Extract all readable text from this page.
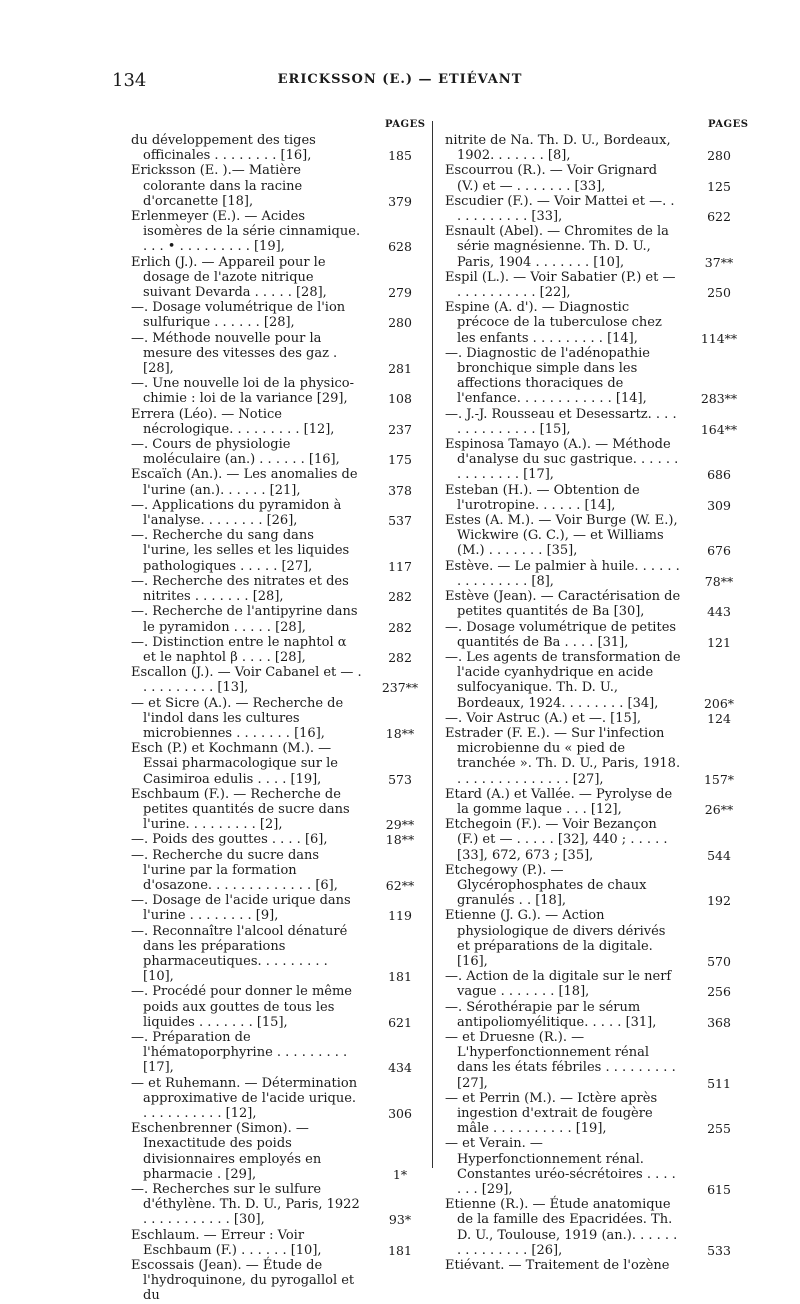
134	ERICKSSON (E.) — ETIÉVANT
PAGES	PAGES
du développement des tiges officinales . . . . . . . . [16],	185
Ericksson (E. ).— Matière colorante dans la racine d'orcanette [18],	379
Erlenmeyer (E.). — Acides isomères de la série cinnamique. . . . • . . . . . . . . . [19],	628
Erlich (J.). — Appareil pour le dosage de l'azote nitrique suivant Devarda . . . . . [28],	279
—. Dosage volumétrique de l'ion sulfurique . . . . . . [28],	280
—. Méthode nouvelle pour la mesure des vitesses des gaz . [28],	281
—. Une nouvelle loi de la physico-chimie : loi de la variance [29],	108
Errera (Léo). — Notice nécrologique. . . . . . . . . [12],	237
—. Cours de physiologie moléculaire (an.) . . . . . . [16],	175
Escaïch (An.). — Les anomalies de l'urine (an.). . . . . . [21],	378
—. Applications du pyramidon à l'analyse. . . . . . . . [26],	537
—. Recherche du sang dans l'urine, les selles et les liquides pathologiques . . . . . [27],	117
—. Recherche des nitrates et des nitrites . . . . . . . [28],	282
—. Recherche de l'antipyrine dans le pyramidon . . . . . [28],	282
—. Distinction entre le naphtol α et le naphtol β . . . . [28],	282
Escallon (J.). — Voir Cabanel et — . . . . . . . . . . [13],	237**
— et Sicre (A.). — Recherche de l'indol dans les cultures microbiennes . . . . . . . [16],	18**
Esch (P.) et Kochmann (M.). — Essai pharmacologique sur le Casimiroa edulis . . . . [19],	573
Eschbaum (F.). — Recherche de petites quantités de sucre dans l'urine. . . . . . . . . [2],	29**
—. Poids des gouttes . . . . [6],	18**
—. Recherche du sucre dans l'urine par la formation d'osazone. . . . . . . . . . . . . [6],	62**
—. Dosage de l'acide urique dans l'urine . . . . . . . . [9],	119
—. Reconnaître l'alcool dénaturé dans les préparations pharmaceutiques. . . . . . . . . [10],	181
—. Procédé pour donner le même poids aux gouttes de tous les liquides . . . . . . . [15],	621
—. Préparation de l'hématoporphyrine . . . . . . . . . [17],	434
— et Ruhemann. — Détermination approximative de l'acide urique. . . . . . . . . . . [12],	306
Eschenbrenner (Simon). — Inexactitude des poids divisionnaires employés en pharmacie . [29],	1*
—. Recherches sur le sulfure d'éthylène. Th. D. U., Paris, 1922 . . . . . . . . . . . [30],	93*
Eschlaum. — Erreur : Voir Eschbaum (F.) . . . . . . [10],	181
Escossais (Jean). — Étude de l'hydroquinone, du pyrogallol et du
nitrite de Na. Th. D. U., Bordeaux, 1902. . . . . . . [8],	280
Escourrou (R.). — Voir Grignard (V.) et — . . . . . . . [33],	125
Escudier (F.). — Voir Mattei et —. . . . . . . . . . . [33],	622
Esnault (Abel). — Chromites de la série magnésienne. Th. D. U., Paris, 1904 . . . . . . . [10],	37**
Espil (L.). — Voir Sabatier (P.) et — . . . . . . . . . . [22],	250
Espine (A. d'). — Diagnostic précoce de la tuberculose chez les enfants . . . . . . . . . [14],	114**
—. Diagnostic de l'adénopathie bronchique simple dans les affections thoraciques de l'enfance. . . . . . . . . . . . [14],	283**
—. J.-J. Rousseau et Desessartz. . . . . . . . . . . . . . [15],	164**
Espinosa Tamayo (A.). — Méthode d'analyse du suc gastrique. . . . . . . . . . . . . . [17],	686
Esteban (H.). — Obtention de l'urotropine. . . . . . [14],	309
Estes (A. M.). — Voir Burge (W. E.), Wickwire (G. C.), — et Williams (M.) . . . . . . . [35],	676
Estève. — Le palmier à huile. . . . . . . . . . . . . . . [8],	78**
Estève (Jean). — Caractérisation de petites quantités de Ba [30],	443
—. Dosage volumétrique de petites quantités de Ba . . . . [31],	121
—. Les agents de transformation de l'acide cyanhydrique en acide sulfocyanique. Th. D. U., Bordeaux, 1924. . . . . . . . [34],	206*
—. Voir Astruc (A.) et —. [15],	124
Estrader (F. E.). — Sur l'infection microbienne du « pied de tranchée ». Th. D. U., Paris, 1918. . . . . . . . . . . . . . . [27],	157*
Etard (A.) et Vallée. — Pyrolyse de la gomme laque . . . [12],	26**
Etchegoin (F.). — Voir Bezançon (F.) et — . . . . . [32], 440 ; . . . . . [33], 672, 673 ; [35],	544
Etchegowy (P.). — Glycérophosphates de chaux granulés . . [18],	192
Etienne (J. G.). — Action physiologique de divers dérivés et préparations de la digitale. [16],	570
—. Action de la digitale sur le nerf vague . . . . . . . [18],	256
—. Sérothérapie par le sérum antipoliomyélitique. . . . . [31],	368
— et Druesne (R.). — L'hyperfonctionnement rénal dans les états fébriles . . . . . . . . . [27],	511
— et Perrin (M.). — Ictère après ingestion d'extrait de fougère mâle . . . . . . . . . . [19],	255
— et Verain. — Hyperfonctionnement rénal. Constantes uréo-sécrétoires . . . . . . . [29],	615
Etienne (R.). — Étude anatomique de la famille des Epacridées. Th. D. U., Toulouse, 1919 (an.). . . . . . . . . . . . . . . [26],	533
Etiévant. — Traitement de l'ozène
